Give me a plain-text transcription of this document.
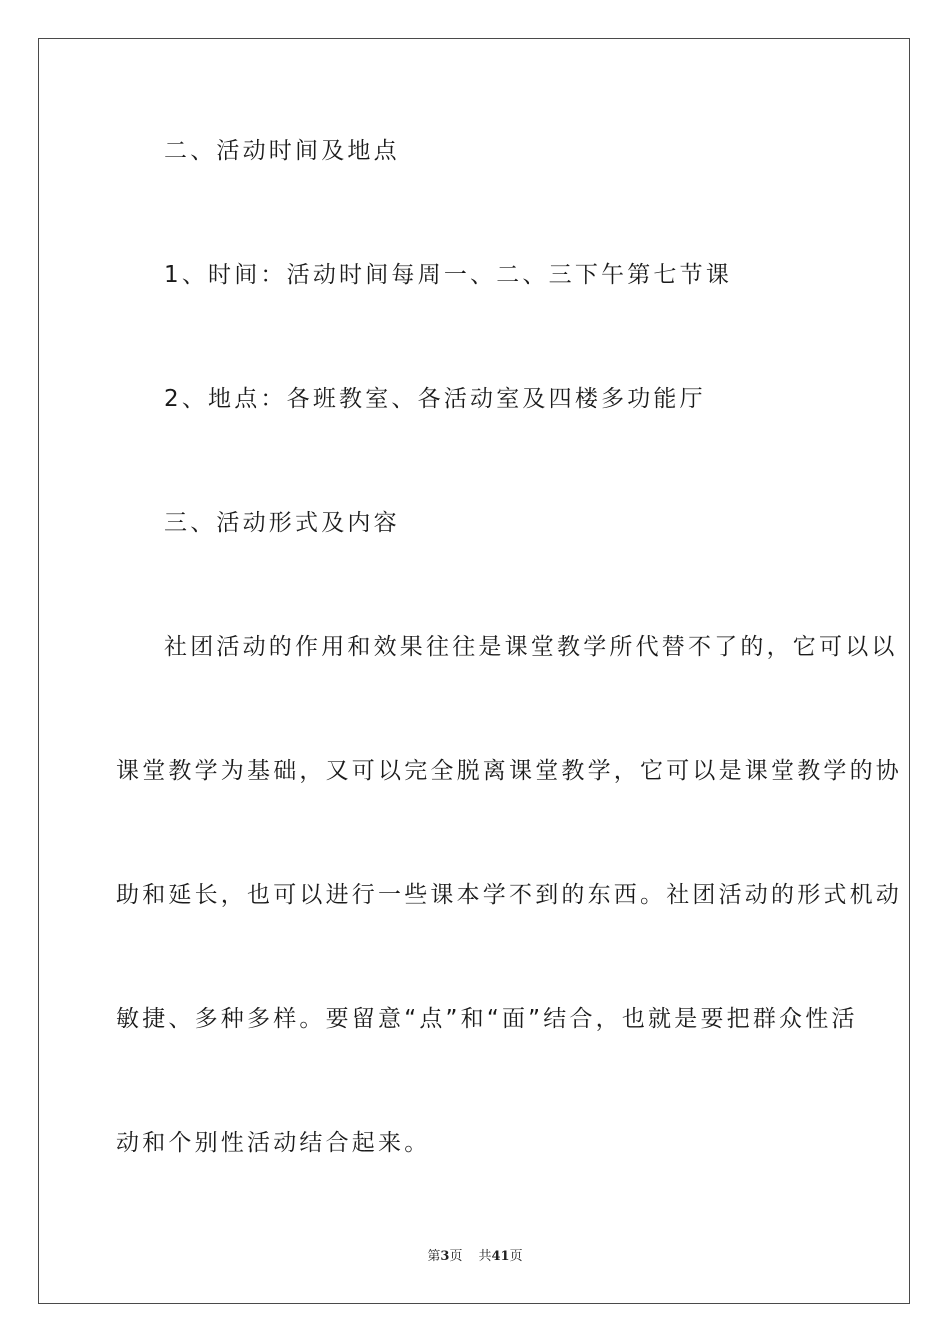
二、活动时间及地点
1、时间：活动时间每周一、二、三下午第七节课
2、地点：各班教室、各活动室及四楼多功能厅
三、活动形式及内容
社团活动的作用和效果往往是课堂教学所代替不了的，它可以以
课堂教学为基础，又可以完全脱离课堂教学，它可以是课堂教学的协
助和延长，也可以进行一些课本学不到的东西。社团活动的形式机动
敏捷、多种多样。要留意“点”和“面”结合，也就是要把群众性活
动和个别性活动结合起来。
第3页 共41页
